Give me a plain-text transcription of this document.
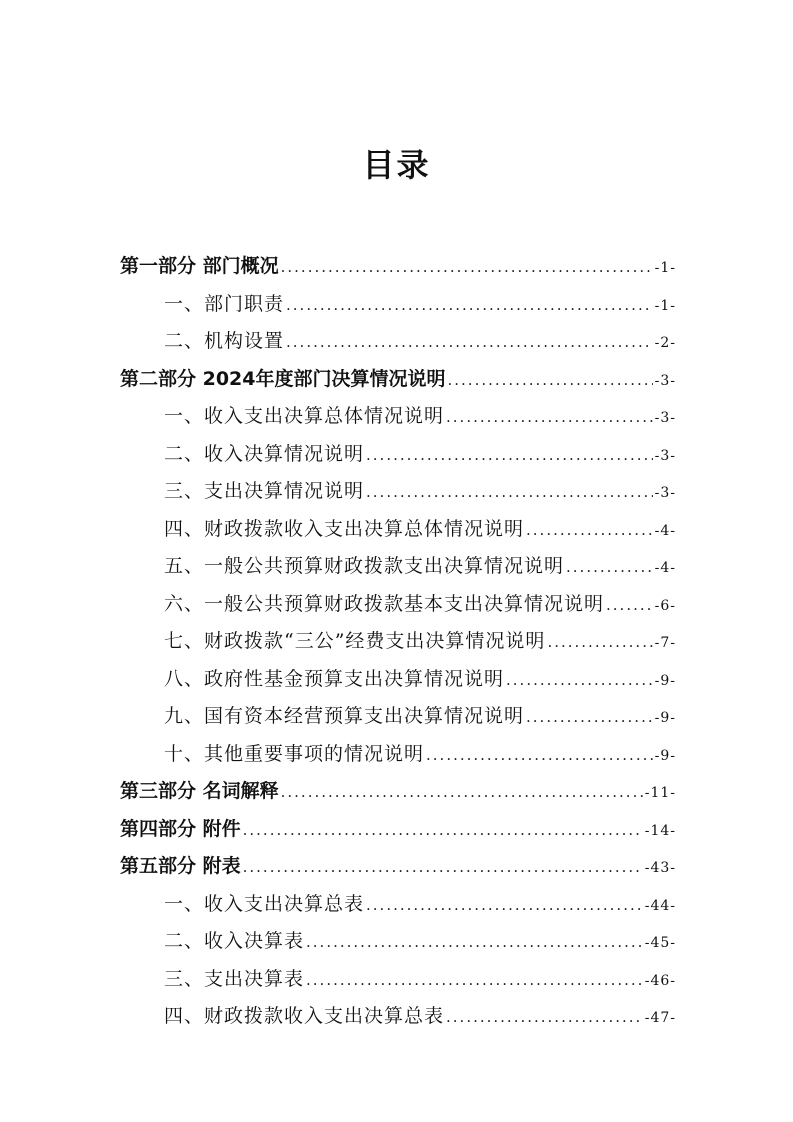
目录
第一部分 部门概况 .....	-1-
一、部门职责 .....	-1-
二、机构设置 .....	-2-
第二部分 2024年度部门决算情况说明 .....	-3-
一、收入支出决算总体情况说明 .....	-3-
二、收入决算情况说明 .....	-3-
三、支出决算情况说明 .....	-3-
四、财政拨款收入支出决算总体情况说明 .....	-4-
五、一般公共预算财政拨款支出决算情况说明 .....	-4-
六、一般公共预算财政拨款基本支出决算情况说明 .....	-6-
七、财政拨款“三公”经费支出决算情况说明 .....	-7-
八、政府性基金预算支出决算情况说明 .....	-9-
九、国有资本经营预算支出决算情况说明 .....	-9-
十、其他重要事项的情况说明 .....	-9-
第三部分 名词解释 .....	-11-
第四部分 附件 .....	-14-
第五部分 附表 .....	-43-
一、收入支出决算总表 .....	-44-
二、收入决算表 .....	-45-
三、支出决算表 .....	-46-
四、财政拨款收入支出决算总表 .....	-47-
